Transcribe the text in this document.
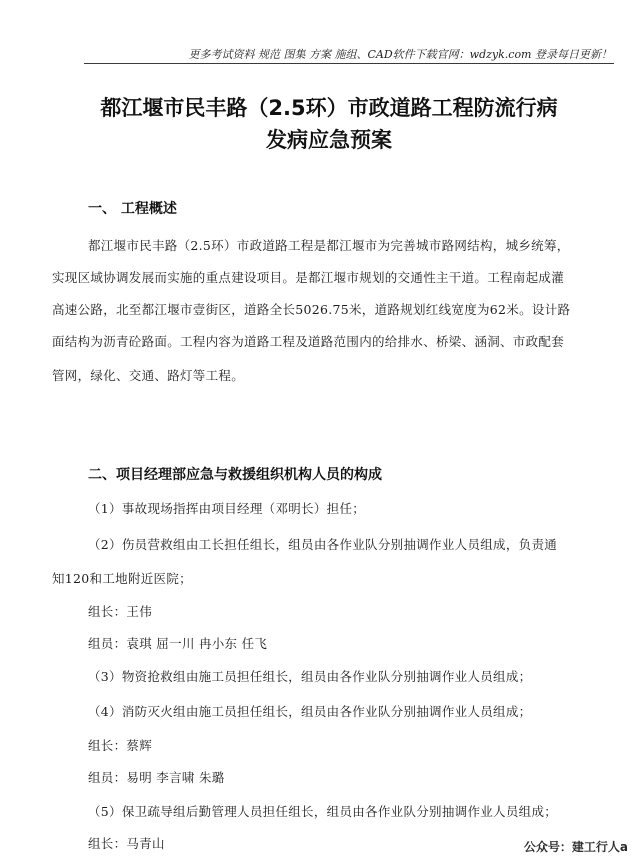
更多考试资料 规范 图集 方案 施组、CAD软件下载官网：wdzyk.com 登录每日更新！
都江堰市民丰路（2.5环）市政道路工程防流行病
发病应急预案
一、 工程概述
都江堰市民丰路（2.5环）市政道路工程是都江堰市为完善城市路网结构，城乡统筹，
实现区域协调发展而实施的重点建设项目。是都江堰市规划的交通性主干道。工程南起成灌
高速公路，北至都江堰市壹街区，道路全长5026.75米，道路规划红线宽度为62米。设计路
面结构为沥青砼路面。工程内容为道路工程及道路范围内的给排水、桥梁、涵洞、市政配套
管网，绿化、交通、路灯等工程。
二、项目经理部应急与救援组织机构人员的构成
（1）事故现场指挥由项目经理（邓明长）担任；
（2）伤员营救组由工长担任组长，组员由各作业队分别抽调作业人员组成，负责通
知120和工地附近医院；
组长：王伟
组员：袁琪 屈一川 冉小东 任飞
（3）物资抢救组由施工员担任组长，组员由各作业队分别抽调作业人员组成；
（4）消防灭火组由施工员担任组长，组员由各作业队分别抽调作业人员组成；
组长：蔡辉
组员：易明 李言啸 朱璐
（5）保卫疏导组后勤管理人员担任组长，组员由各作业队分别抽调作业人员组成；
组长：马青山	公众号：建工行人a
